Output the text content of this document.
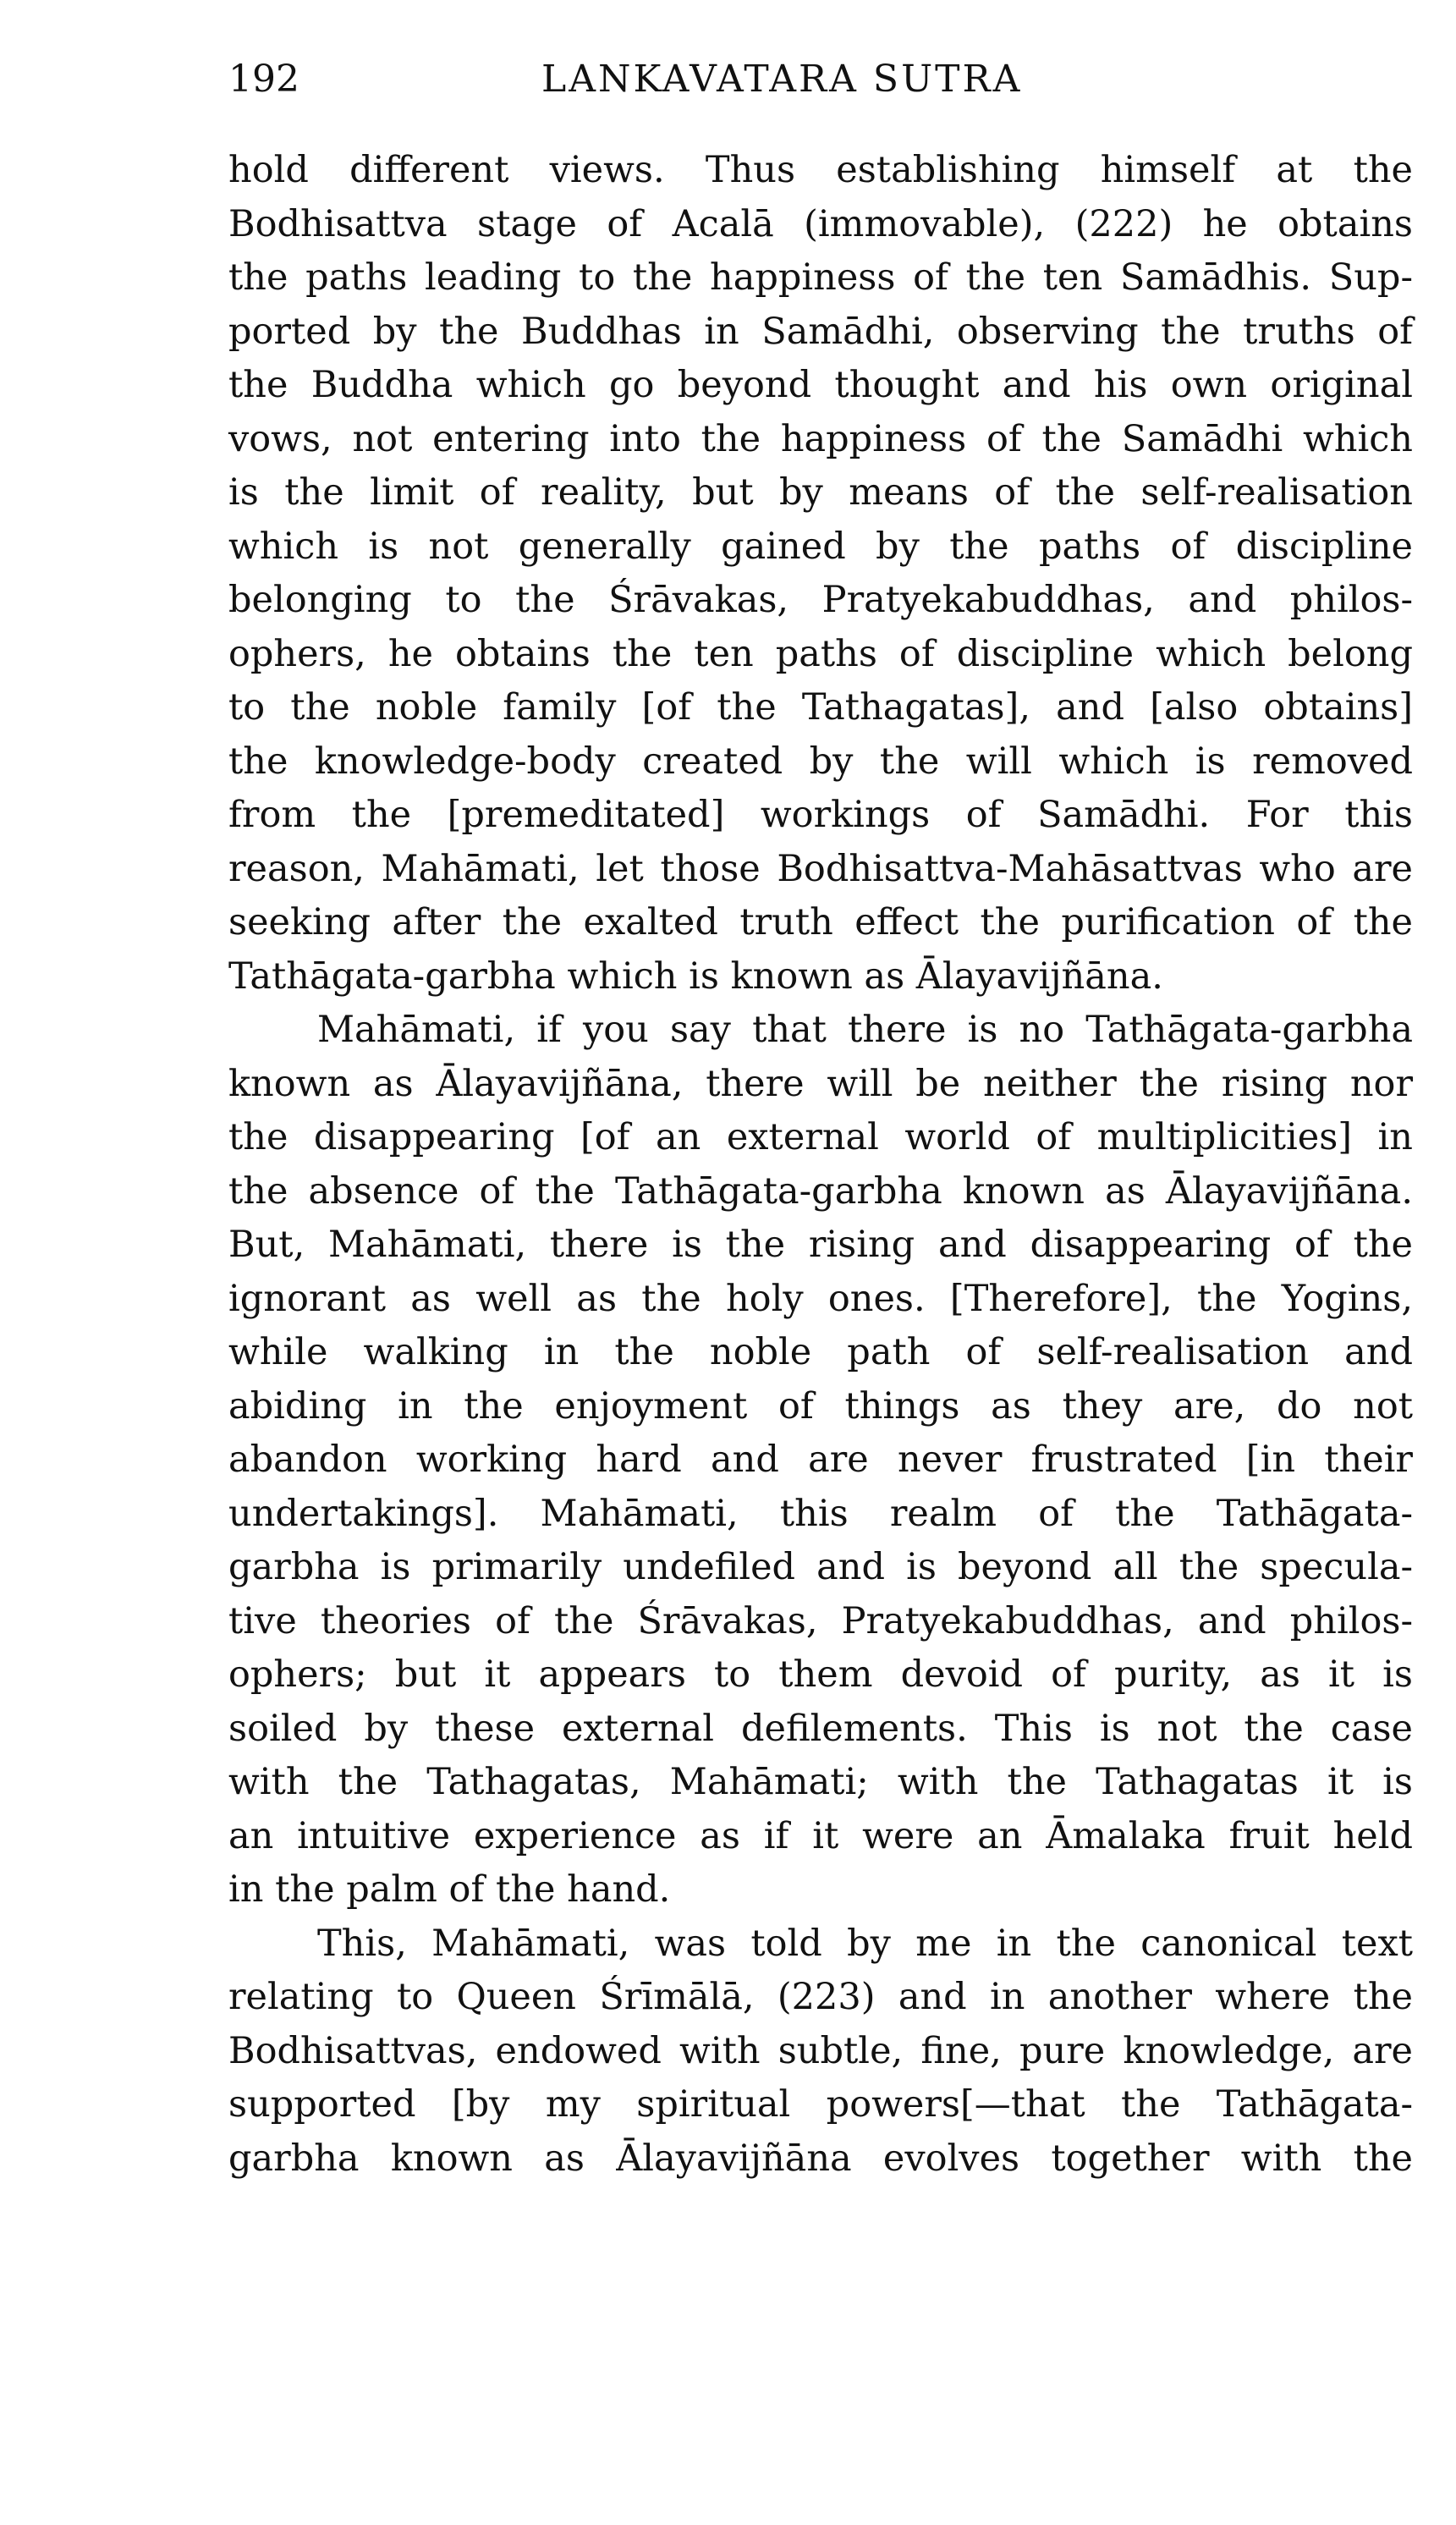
192	LANKAVATARA SUTRA
hold different views. Thus establishing himself at the
Bodhisattva stage of Acalā (immovable), (222) he obtains
the paths leading to the happiness of the ten Samādhis. Sup-
ported by the Buddhas in Samādhi, observing the truths of
the Buddha which go beyond thought and his own original
vows, not entering into the happiness of the Samādhi which
is the limit of reality, but by means of the self-realisation
which is not generally gained by the paths of discipline
belonging to the Śrāvakas, Pratyekabuddhas, and philos-
ophers, he obtains the ten paths of discipline which belong
to the noble family [of the Tathagatas], and [also obtains]
the knowledge-body created by the will which is removed
from the [premeditated] workings of Samādhi. For this
reason, Mahāmati, let those Bodhisattva-Mahāsattvas who are
seeking after the exalted truth effect the purification of the
Tathāgata-garbha which is known as Ālayavijñāna.
Mahāmati, if you say that there is no Tathāgata-garbha
known as Ālayavijñāna, there will be neither the rising nor
the disappearing [of an external world of multiplicities] in
the absence of the Tathāgata-garbha known as Ālayavijñāna.
But, Mahāmati, there is the rising and disappearing of the
ignorant as well as the holy ones. [Therefore], the Yogins,
while walking in the noble path of self-realisation and
abiding in the enjoyment of things as they are, do not
abandon working hard and are never frustrated [in their
undertakings]. Mahāmati, this realm of the Tathāgata-
garbha is primarily undefiled and is beyond all the specula-
tive theories of the Śrāvakas, Pratyekabuddhas, and philos-
ophers; but it appears to them devoid of purity, as it is
soiled by these external defilements. This is not the case
with the Tathagatas, Mahāmati; with the Tathagatas it is
an intuitive experience as if it were an Āmalaka fruit held
in the palm of the hand.
This, Mahāmati, was told by me in the canonical text
relating to Queen Śrīmālā, (223) and in another where the
Bodhisattvas, endowed with subtle, fine, pure knowledge, are
supported [by my spiritual powers[—that the Tathāgata-
garbha known as Ālayavijñāna evolves together with the
